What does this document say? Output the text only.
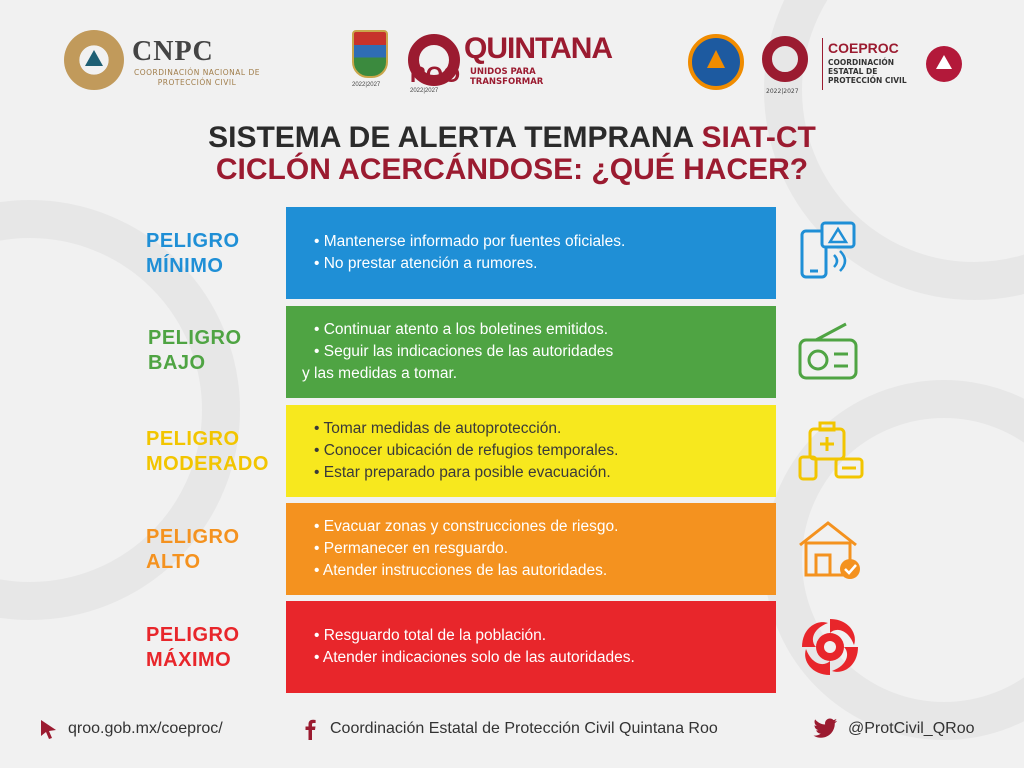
CNPC
COORDINACIÓN NACIONAL DE PROTECCIÓN CIVIL	2022|2027
QUINTANA
UNIDOS PARA TRANSFORMAR
ROO
2022|2027	2022|2027
COEPROC
COORDINACIÓN ESTATAL DE PROTECCIÓN CIVIL
SISTEMA DE ALERTA TEMPRANA SIAT-CT
CICLÓN ACERCÁNDOSE: ¿QUÉ HACER?
PELIGRO
MÍNIMO
• Mantenerse informado por fuentes oficiales.
• No prestar atención a rumores.
PELIGRO
BAJO
• Continuar atento a los boletines emitidos.
• Seguir las indicaciones de las autoridades
y las medidas a tomar.
PELIGRO
MODERADO
• Tomar medidas de autoprotección.
• Conocer ubicación de refugios temporales.
• Estar preparado para posible evacuación.
PELIGRO
ALTO
• Evacuar zonas y construcciones de riesgo.
• Permanecer en resguardo.
• Atender instrucciones de las autoridades.
PELIGRO
MÁXIMO
• Resguardo total de la población.
• Atender indicaciones solo de las autoridades.
qroo.gob.mx/coeproc/	Coordinación Estatal de Protección Civil Quintana Roo	@ProtCivil_QRoo
